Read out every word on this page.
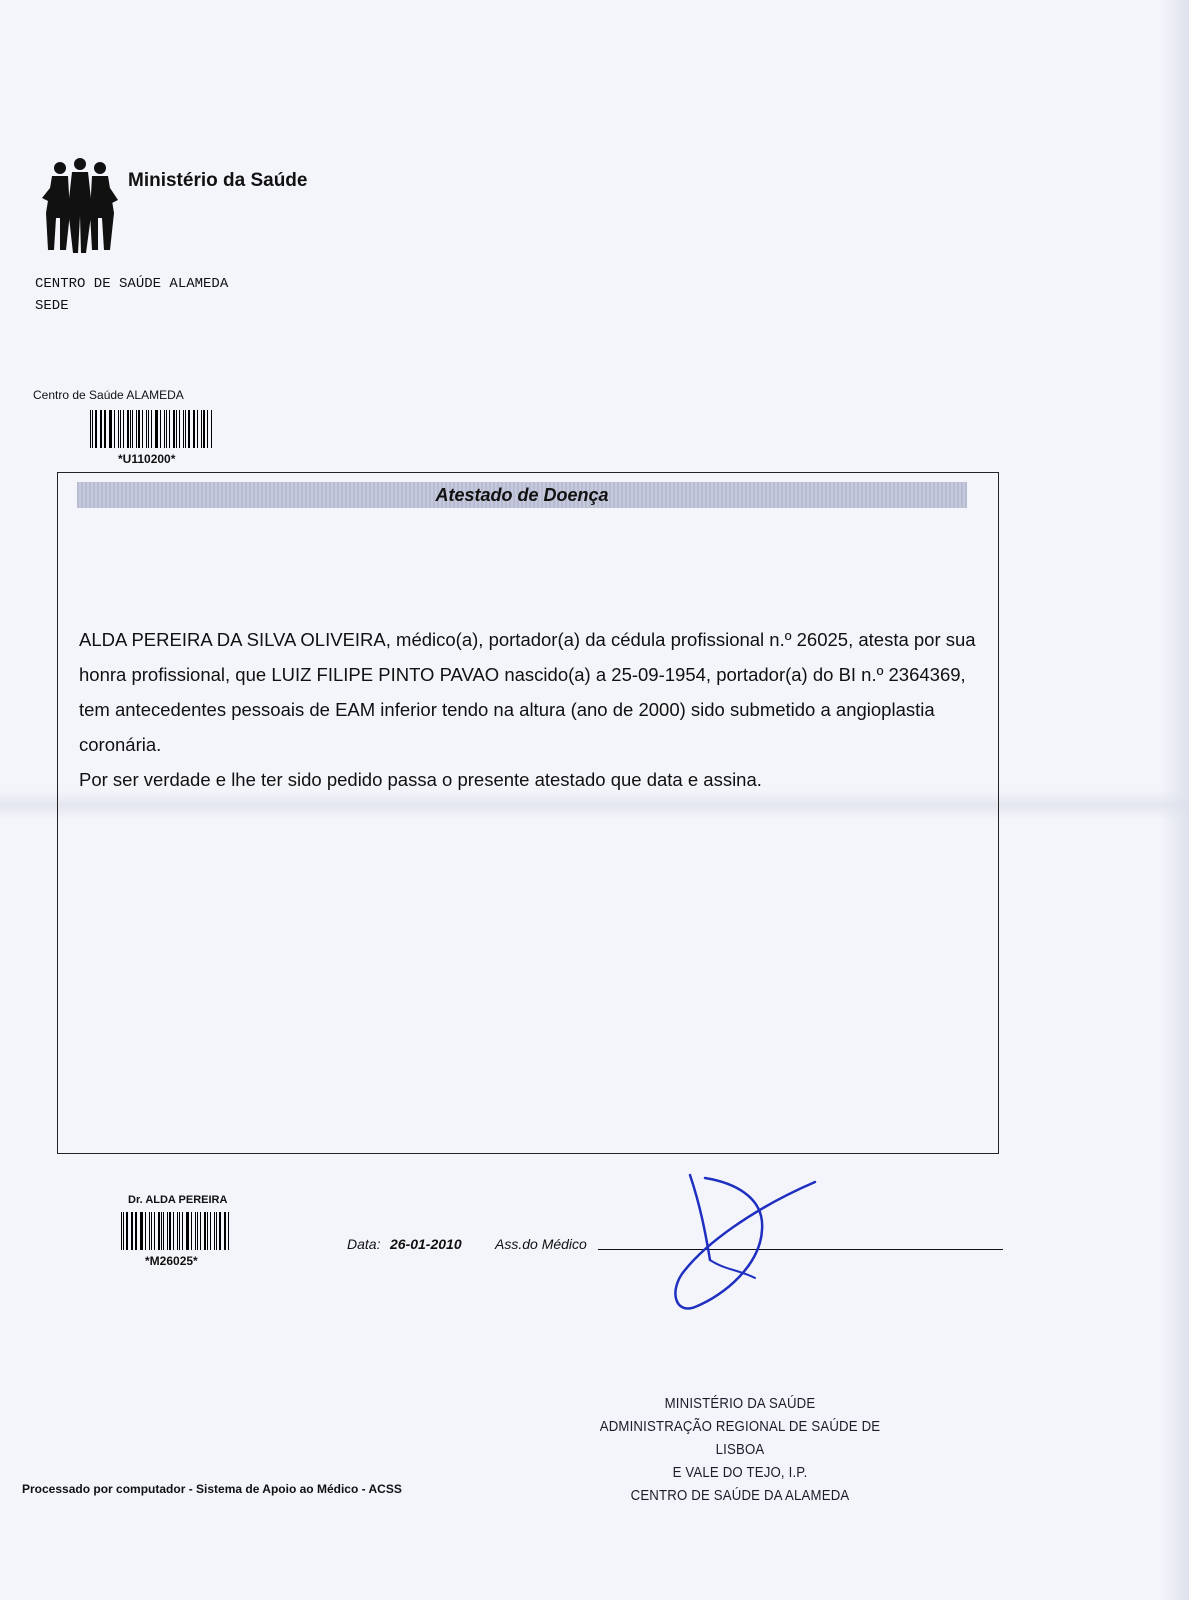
Ministério da Saúde
CENTRO DE SAÚDE ALAMEDA
SEDE
Centro de Saúde ALAMEDA
*U110200*
Atestado de Doença

ALDA PEREIRA DA SILVA OLIVEIRA, médico(a), portador(a) da cédula profissional n.º 26025, atesta por sua honra profissional, que LUIZ FILIPE PINTO PAVAO nascido(a) a 25-09-1954, portador(a) do BI n.º 2364369, tem antecedentes pessoais de EAM inferior tendo na altura (ano de 2000) sido submetido a angioplastia coronária.

Por ser verdade e lhe ter sido pedido passa o presente atestado que data e assina.

Dr. ALDA PEREIRA
*M26025*
Data: 26-01-2010 Ass.do Médico
MINISTÉRIO DA SAÚDE
ADMINISTRAÇÃO REGIONAL DE SAÚDE DE LISBOA
E VALE DO TEJO, I.P.
CENTRO DE SAÚDE DA ALAMEDA
Processado por computador - Sistema de Apoio ao Médico - ACSS
